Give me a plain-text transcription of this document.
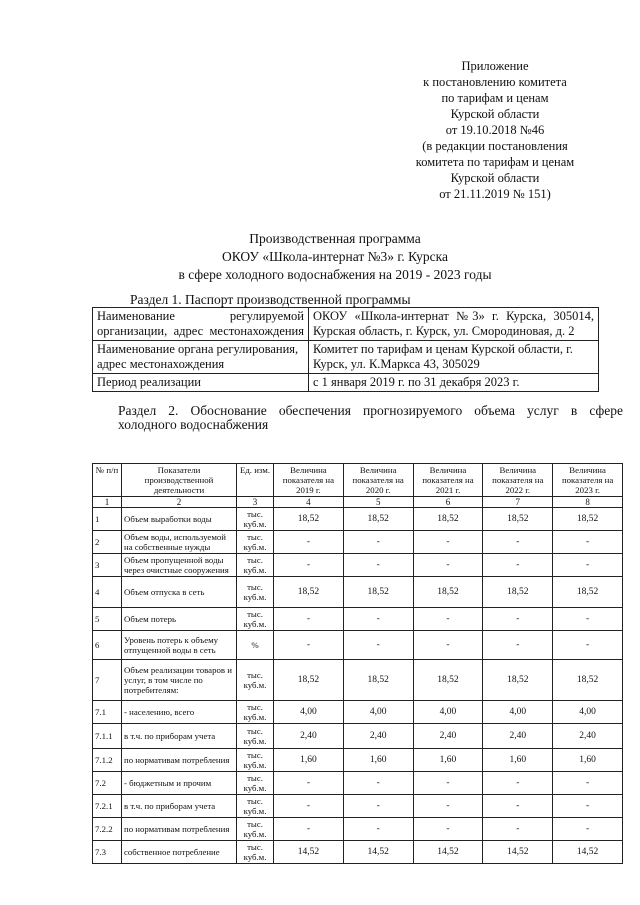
Приложение
к постановлению комитета
по тарифам и ценам
Курской области
от 19.10.2018 №46
(в редакции постановления
комитета по тарифам и ценам
Курской области
от 21.11.2019 № 151)
Производственная программа
ОКОУ «Школа-интернат №3» г. Курска
в сфере холодного водоснабжения на 2019 - 2023 годы
Раздел 1. Паспорт производственной программы
Наименование регулируемой организации, адрес местонахождения	ОКОУ «Школа-интернат №3» г. Курска, 305014, Курская область, г. Курск, ул. Смородиновая, д. 2
Наименование органа регулирования, адрес местонахождения	Комитет по тарифам и ценам Курской области, г. Курск, ул. К.Маркса 43, 305029
Период реализации	с 1 января 2019 г. по 31 декабря 2023 г.
Раздел 2. Обоснование обеспечения прогнозируемого объема услуг в сфере
холодного водоснабжения
№ п/п	Показатели производственной деятельности	Ед. изм.	Величина показателя на 2019 г.	Величина показателя на 2020 г.	Величина показателя на 2021 г.	Величина показателя на 2022 г.	Величина показателя на 2023 г.
1	2	3	4	5	6	7	8
1	Объем выработки воды	тыс. куб.м.	18,52	18,52	18,52	18,52	18,52
2	Объем воды, используемой на собственные нужды	тыс. куб.м.	-	-	-	-	-
3	Объем пропущенной воды через очистные сооружения	тыс. куб.м.	-	-	-	-	-
4	Объем отпуска в сеть	тыс. куб.м.	18,52	18,52	18,52	18,52	18,52
5	Объем потерь	тыс. куб.м.	-	-	-	-	-
6	Уровень потерь к объему отпущенной воды в сеть	%	-	-	-	-	-
7	Объем реализации товаров и услуг, в том числе по потребителям:	тыс. куб.м.	18,52	18,52	18,52	18,52	18,52
7.1	- населению, всего	тыс. куб.м.	4,00	4,00	4,00	4,00	4,00
7.1.1	в т.ч. по приборам учета	тыс. куб.м.	2,40	2,40	2,40	2,40	2,40
7.1.2	по нормативам потребления	тыс. куб.м.	1,60	1,60	1,60	1,60	1,60
7.2	- бюджетным и прочим	тыс. куб.м.	-	-	-	-	-
7.2.1	в т.ч. по приборам учета	тыс. куб.м.	-	-	-	-	-
7.2.2	по нормативам потребления	тыс. куб.м.	-	-	-	-	-
7.3	собственное потребление	тыс. куб.м.	14,52	14,52	14,52	14,52	14,52
